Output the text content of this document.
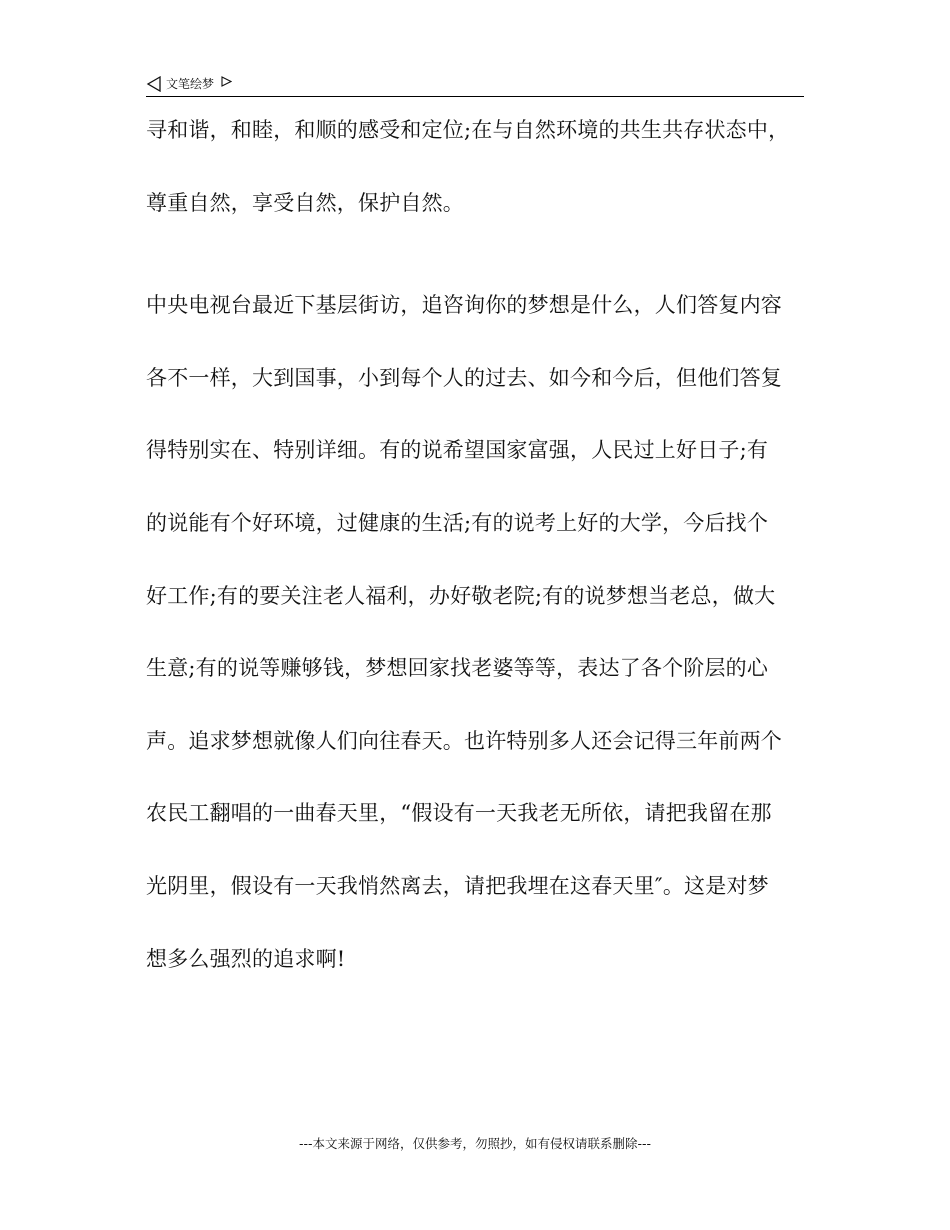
文笔绘梦
寻和谐，和睦，和顺的感受和定位;在与自然环境的共生共存状态中，
尊重自然，享受自然，保护自然。
中央电视台最近下基层街访，追咨询你的梦想是什么，人们答复内容
各不一样，大到国事，小到每个人的过去、如今和今后，但他们答复
得特别实在、特别详细。有的说希望国家富强，人民过上好日子;有
的说能有个好环境，过健康的生活;有的说考上好的大学，今后找个
好工作;有的要关注老人福利，办好敬老院;有的说梦想当老总，做大
生意;有的说等赚够钱，梦想回家找老婆等等，表达了各个阶层的心
声。追求梦想就像人们向往春天。也许特别多人还会记得三年前两个
农民工翻唱的一曲春天里，“假设有一天我老无所依，请把我留在那
光阴里，假设有一天我悄然离去，请把我埋在这春天里″。这是对梦
想多么强烈的追求啊!
---本文来源于网络，仅供参考，勿照抄，如有侵权请联系删除---
